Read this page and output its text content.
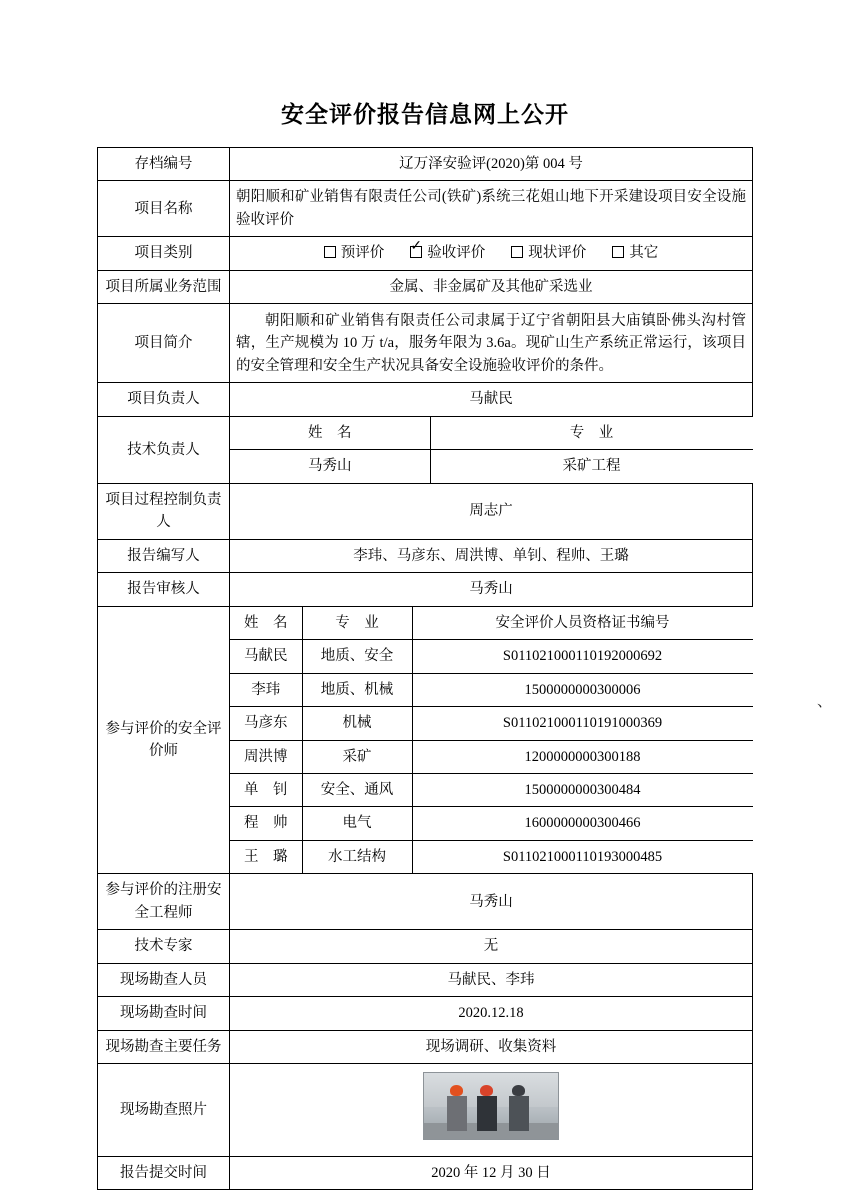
安全评价报告信息网上公开
存档编号	辽万泽安验评(2020)第 004 号
项目名称	朝阳顺和矿业销售有限责任公司(铁矿)系统三花姐山地下开采建设项目安全设施验收评价
项目类别	预评价 ✓	验收评价	现状评价	其它

项目所属业务范围	金属、非金属矿及其他矿采选业
项目简介	朝阳顺和矿业销售有限责任公司隶属于辽宁省朝阳县大庙镇卧佛头沟村管辖，生产规模为 10 万 t/a，服务年限为 3.6a。现矿山生产系统正常运行，该项目的安全管理和安全生产状况具备安全设施验收评价的条件。
项目负责人	马献民
技术负责人	
姓　名	专　业
马秀山	采矿工程

项目过程控制负责人	周志广
报告编写人	李玮、马彦东、周洪博、单钊、程帅、王璐
报告审核人	马秀山
参与评价的安全评价师	
姓　名	专　业	安全评价人员资格证书编号
马献民	地质、安全	S011021000110192000692
李玮	地质、机械	1500000000300006
马彦东	机械	S011021000110191000369
周洪博	采矿	1200000000300188
单　钊	安全、通风	1500000000300484
程　帅	电气	1600000000300466
王　璐	水工结构	S011021000110193000485

参与评价的注册安全工程师	马秀山
技术专家	无
现场勘查人员	马献民、李玮
现场勘查时间	2020.12.18
现场勘查主要任务	现场调研、收集资料
现场勘查照片	

报告提交时间	2020 年 12 月 30 日
、
